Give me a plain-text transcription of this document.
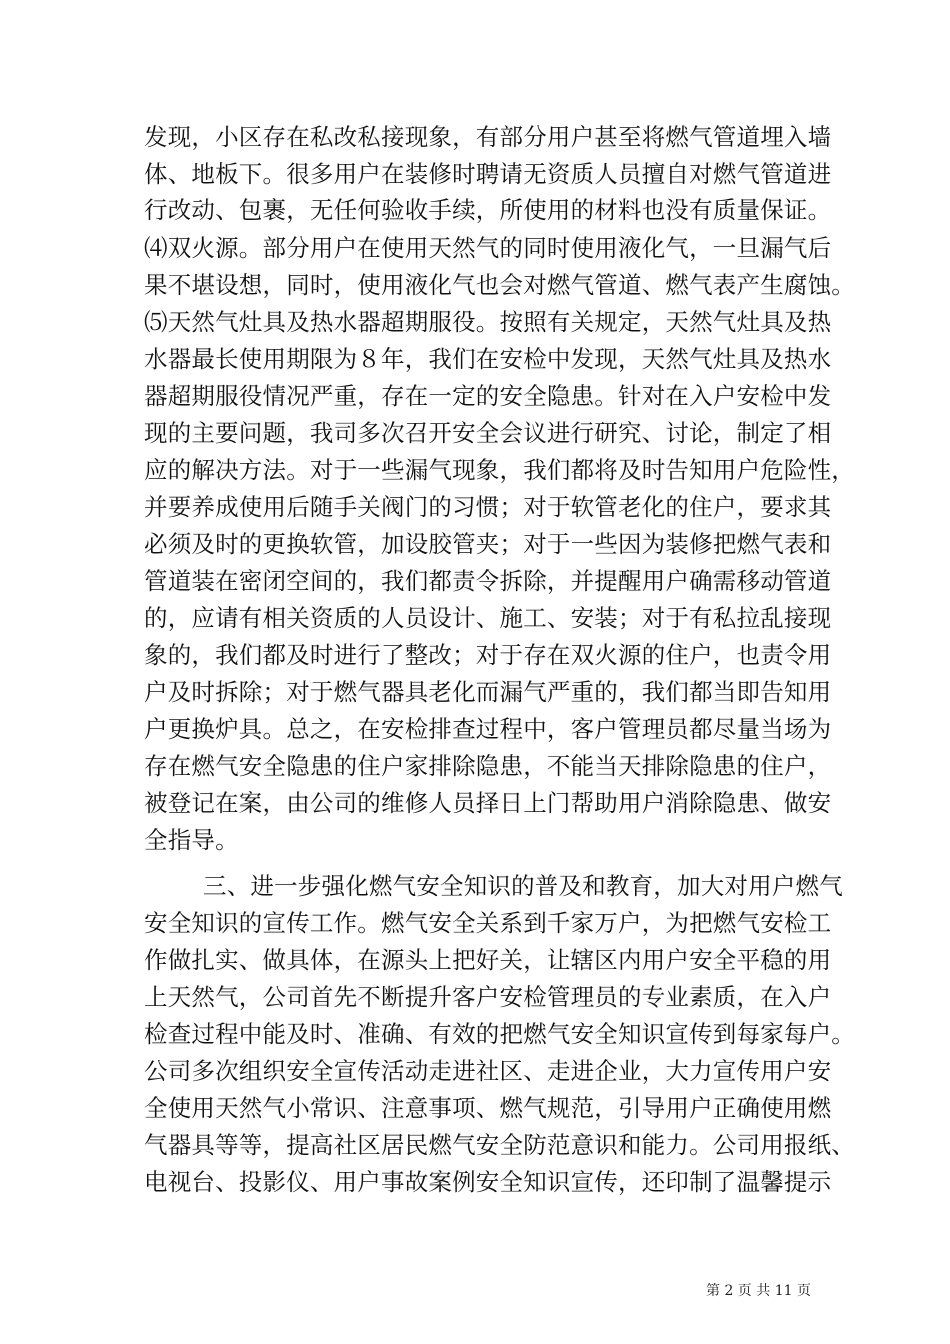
发现，小区存在私改私接现象，有部分用户甚至将燃气管道埋入墙
体、地板下。很多用户在装修时聘请无资质人员擅自对燃气管道进
行改动、包裹，无任何验收手续，所使用的材料也没有质量保证。
⑷双火源。部分用户在使用天然气的同时使用液化气，一旦漏气后
果不堪设想，同时，使用液化气也会对燃气管道、燃气表产生腐蚀。
⑸天然气灶具及热水器超期服役。按照有关规定，天然气灶具及热
水器最长使用期限为８年，我们在安检中发现，天然气灶具及热水
器超期服役情况严重，存在一定的安全隐患。针对在入户安检中发
现的主要问题，我司多次召开安全会议进行研究、讨论，制定了相
应的解决方法。对于一些漏气现象，我们都将及时告知用户危险性，
并要养成使用后随手关阀门的习惯；对于软管老化的住户，要求其
必须及时的更换软管，加设胶管夹；对于一些因为装修把燃气表和
管道装在密闭空间的，我们都责令拆除，并提醒用户确需移动管道
的，应请有相关资质的人员设计、施工、安装；对于有私拉乱接现
象的，我们都及时进行了整改；对于存在双火源的住户，也责令用
户及时拆除；对于燃气器具老化而漏气严重的，我们都当即告知用
户更换炉具。总之，在安检排查过程中，客户管理员都尽量当场为
存在燃气安全隐患的住户家排除隐患，不能当天排除隐患的住户，
被登记在案，由公司的维修人员择日上门帮助用户消除隐患、做安
全指导。
三、进一步强化燃气安全知识的普及和教育，加大对用户燃气
安全知识的宣传工作。燃气安全关系到千家万户，为把燃气安检工
作做扎实、做具体，在源头上把好关，让辖区内用户安全平稳的用
上天然气，公司首先不断提升客户安检管理员的专业素质，在入户
检查过程中能及时、准确、有效的把燃气安全知识宣传到每家每户。
公司多次组织安全宣传活动走进社区、走进企业，大力宣传用户安
全使用天然气小常识、注意事项、燃气规范，引导用户正确使用燃
气器具等等，提高社区居民燃气安全防范意识和能力。公司用报纸、
电视台、投影仪、用户事故案例安全知识宣传，还印制了温馨提示
第 2 页 共 11 页
